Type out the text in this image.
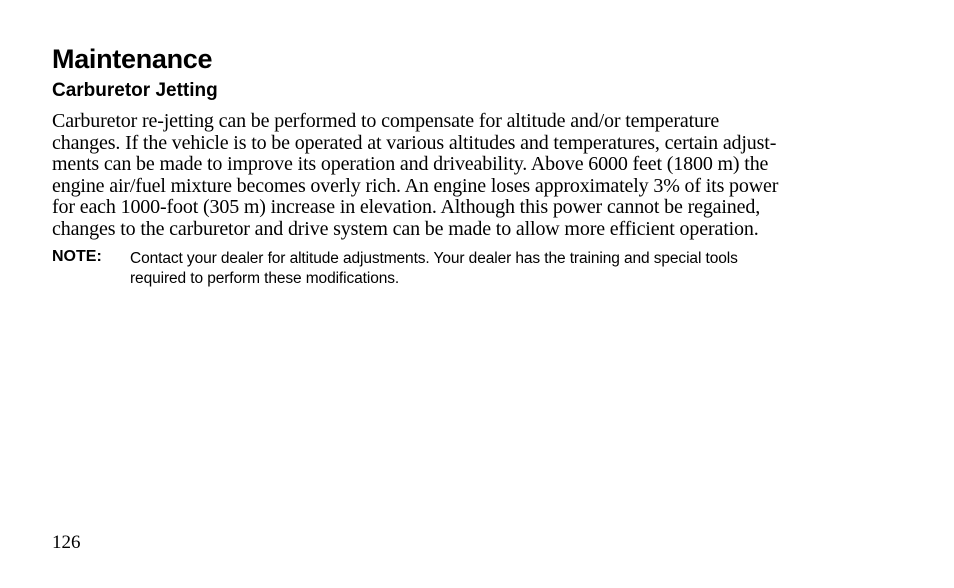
Maintenance
Carburetor Jetting

Carburetor re-jetting can be performed to compensate for altitude and/or temperature
changes. If the vehicle is to be operated at various altitudes and temperatures, certain adjust-
ments can be made to improve its operation and driveability. Above 6000 feet (1800 m) the
engine air/fuel mixture becomes overly rich. An engine loses approximately 3% of its power
for each 1000-foot (305 m) increase in elevation. Although this power cannot be regained,
changes to the carburetor and drive system can be made to allow more efficient operation.

NOTE: Contact your dealer for altitude adjustments. Your dealer has the training and special tools
required to perform these modifications.

126
